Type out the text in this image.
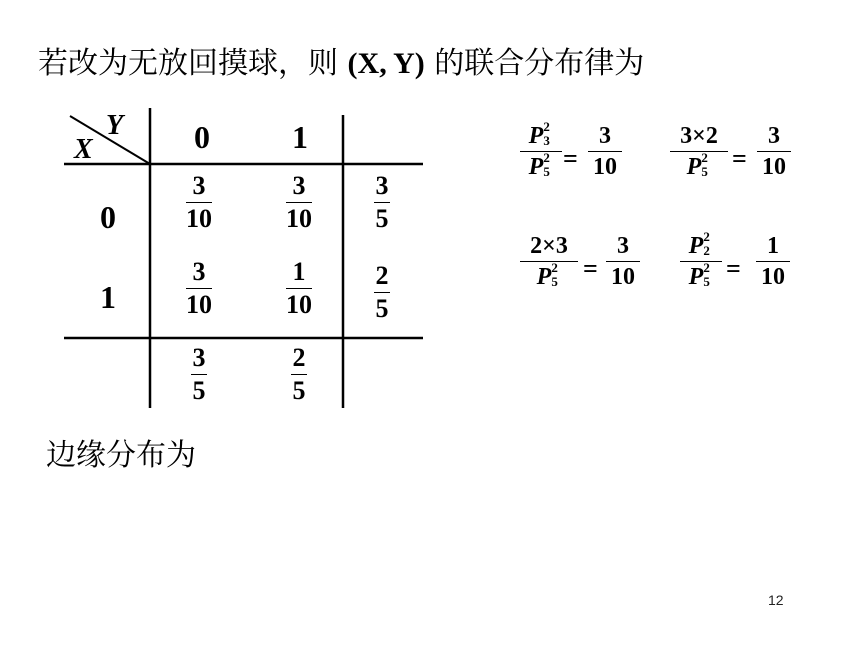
若改为无放回摸球，则 (X, Y) 的联合分布律为
Y
X	0	1
0
1
3
10
3
10
3
5
3
10
1
10
2
5
3
5
2
5
P 2
3
P 2
5 =
3
10
3×2
P 2
5 =
3
10
2×3
P 2
5 =
3
10
P 2
2
P 2
5 =
1
10
边缘分布为
12
